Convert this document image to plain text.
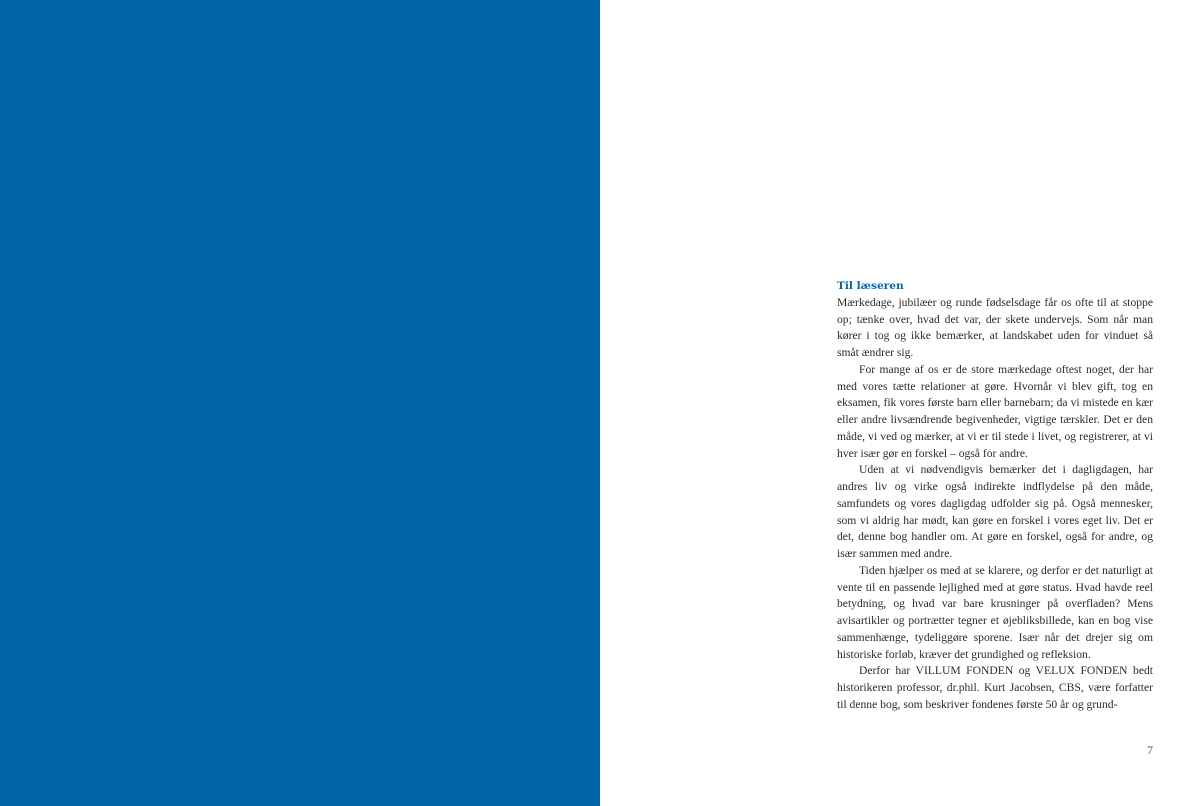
Til læseren

Mærkedage, jubilæer og runde fødselsdage får os ofte til at stoppe op; tænke over, hvad det var, der skete undervejs. Som når man kører i tog og ikke bemærker, at landskabet uden for vinduet så småt ændrer sig.

For mange af os er de store mærkedage oftest noget, der har med vores tætte relationer at gøre. Hvornår vi blev gift, tog en eksamen, fik vores første barn eller barnebarn; da vi mistede en kær eller andre livsændrende begivenheder, vigtige tærskler. Det er den måde, vi ved og mærker, at vi er til stede i livet, og registrerer, at vi hver især gør en forskel – også for andre.

Uden at vi nødvendigvis bemærker det i dagligdagen, har andres liv og virke også indirekte indflydelse på den måde, samfundets og vores dagligdag udfolder sig på. Også mennesker, som vi aldrig har mødt, kan gøre en forskel i vores eget liv. Det er det, denne bog handler om. At gøre en forskel, også for andre, og især sammen med andre.

Tiden hjælper os med at se klarere, og derfor er det naturligt at vente til en passende lejlighed med at gøre status. Hvad havde reel betydning, og hvad var bare krusninger på overfladen? Mens avisartikler og portrætter tegner et øjebliksbillede, kan en bog vise sammenhænge, tydeliggøre sporene. Især når det drejer sig om historiske forløb, kræver det grundighed og refleksion.

Derfor har VILLUM FONDEN og VELUX FONDEN bedt historikeren professor, dr.phil. Kurt Jacobsen, CBS, være forfatter til denne bog, som beskriver fondenes første 50 år og grund-

7
